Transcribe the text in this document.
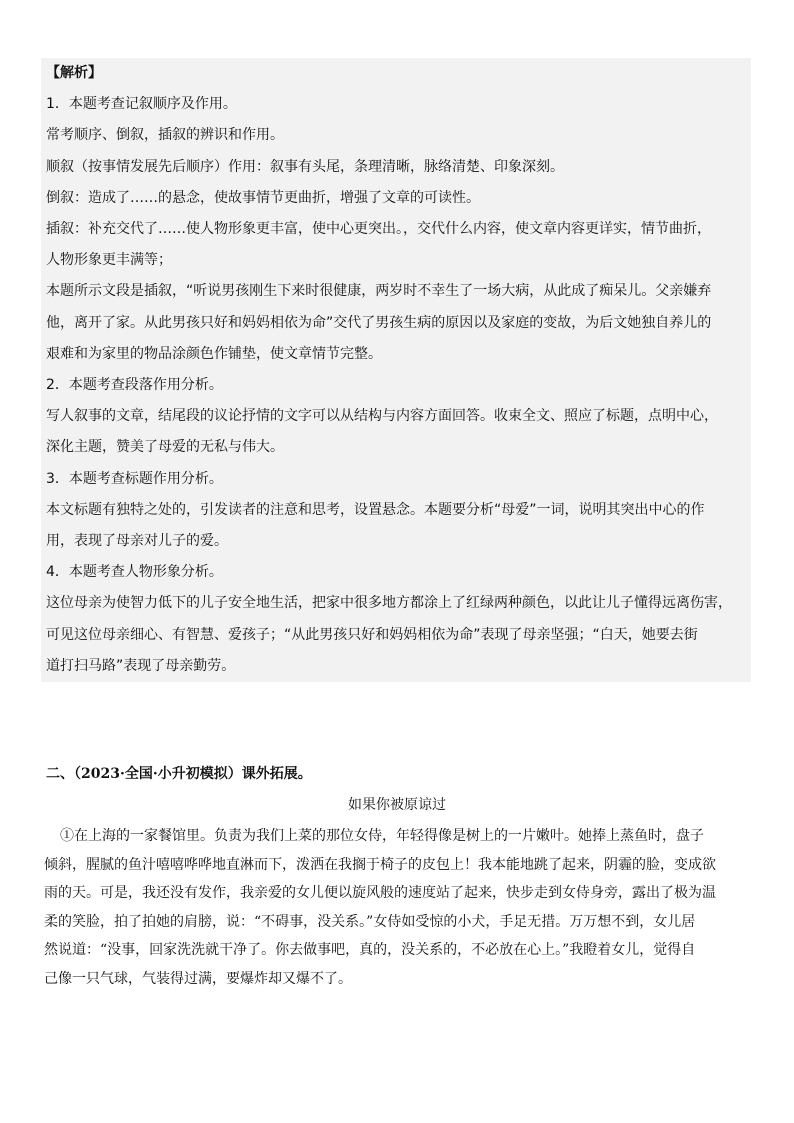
【解析】
1．本题考查记叙顺序及作用。
常考顺序、倒叙，插叙的辨识和作用。
顺叙（按事情发展先后顺序）作用：叙事有头尾，条理清晰，脉络清楚、印象深刻。
倒叙：造成了……的悬念，使故事情节更曲折，增强了文章的可读性。
插叙：补充交代了……使人物形象更丰富，使中心更突出。，交代什么内容，使文章内容更详实，情节曲折，
人物形象更丰满等；
本题所示文段是插叙，“听说男孩刚生下来时很健康，两岁时不幸生了一场大病，从此成了痴呆儿。父亲嫌弃
他，离开了家。从此男孩只好和妈妈相依为命”交代了男孩生病的原因以及家庭的变故，为后文她独自养儿的
艰难和为家里的物品涂颜色作铺垫，使文章情节完整。
2．本题考查段落作用分析。
写人叙事的文章，结尾段的议论抒情的文字可以从结构与内容方面回答。收束全文、照应了标题，点明中心，
深化主题，赞美了母爱的无私与伟大。
3．本题考查标题作用分析。
本文标题有独特之处的，引发读者的注意和思考，设置悬念。本题要分析“母爱”一词，说明其突出中心的作
用，表现了母亲对儿子的爱。
4．本题考查人物形象分析。
这位母亲为使智力低下的儿子安全地生活，把家中很多地方都涂上了红绿两种颜色，以此让儿子懂得远离伤害，
可见这位母亲细心、有智慧、爱孩子；“从此男孩只好和妈妈相依为命”表现了母亲坚强；“白天，她要去街
道打扫马路”表现了母亲勤劳。
二、（2023·全国·小升初模拟）课外拓展。
如果你被原谅过
①在上海的一家餐馆里。负责为我们上菜的那位女侍，年轻得像是树上的一片嫩叶。她捧上蒸鱼时，盘子
倾斜，腥腻的鱼汁嘻嘻哗哗地直淋而下，泼洒在我搁于椅子的皮包上！我本能地跳了起来，阴霾的脸，变成欲
雨的天。可是，我还没有发作，我亲爱的女儿便以旋风般的速度站了起来，快步走到女侍身旁，露出了极为温
柔的笑脸，拍了拍她的肩膀，说：“不碍事，没关系。”女侍如受惊的小犬，手足无措。万万想不到，女儿居
然说道：“没事，回家洗洗就干净了。你去做事吧，真的，没关系的，不必放在心上。”我瞪着女儿，觉得自
己像一只气球，气装得过满，要爆炸却又爆不了。
